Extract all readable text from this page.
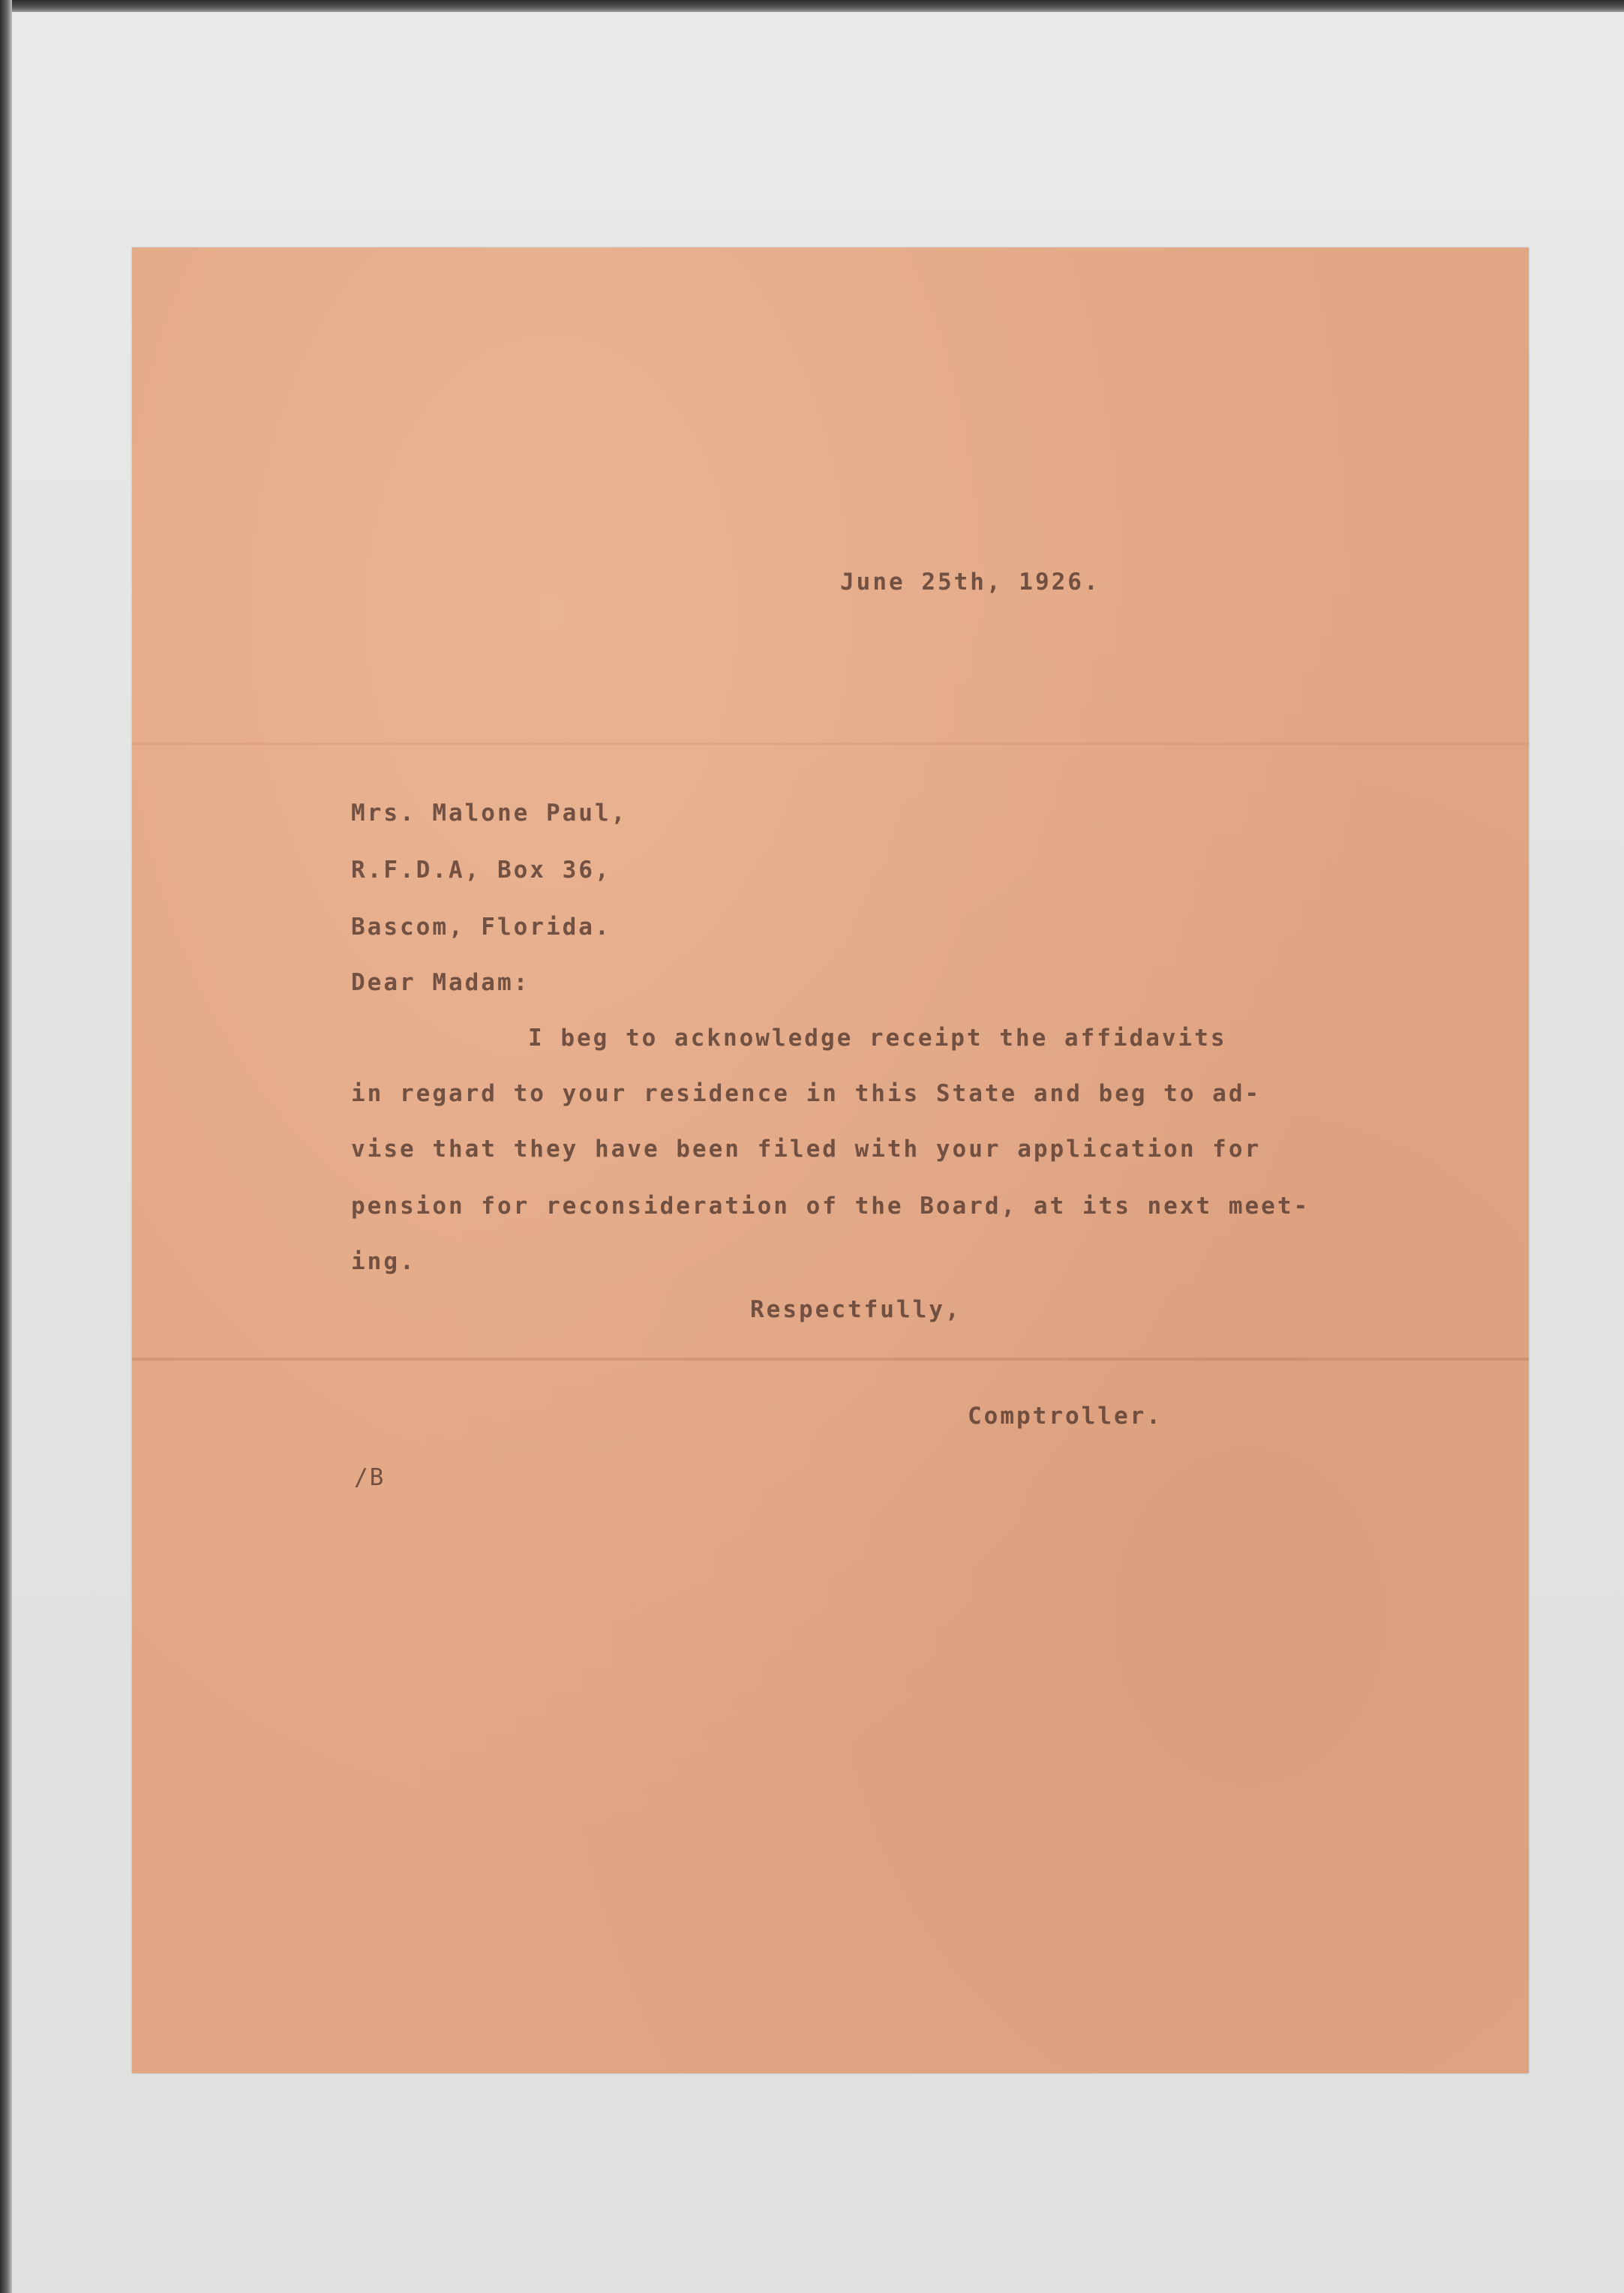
June 25th, 1926.
Mrs. Malone Paul,
R.F.D.A, Box 36,
Bascom, Florida.
Dear Madam:
I beg to acknowledge receipt the affidavits
in regard to your residence in this State and beg to ad-
vise that they have been filed with your application for
pension for reconsideration of the Board, at its next meet-
ing.
Respectfully,
Comptroller.
/B
